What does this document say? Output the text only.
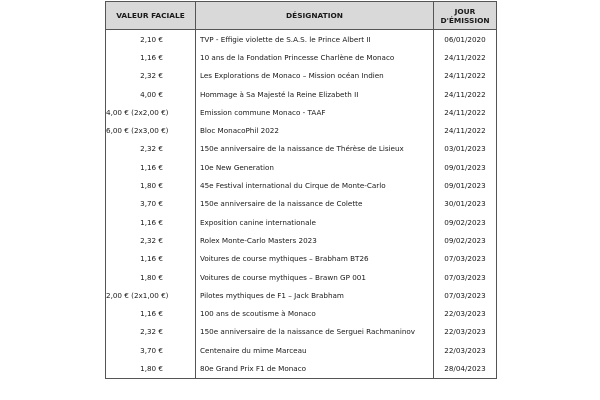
VALEUR FACIALE	DÉSIGNATION	JOUR
D'ÉMISSION
2,10 €	TVP - Effigie violette de S.A.S. le Prince Albert II	06/01/2020
1,16 €	10 ans de la Fondation Princesse Charlène de Monaco	24/11/2022
2,32 €	Les Explorations de Monaco – Mission océan Indien	24/11/2022
4,00 €	Hommage à Sa Majesté la Reine Elizabeth II	24/11/2022
4,00 € (2x2,00 €)	Emission commune Monaco - TAAF	24/11/2022
6,00 € (2x3,00 €)	Bloc MonacoPhil 2022	24/11/2022
2,32 €	150e anniversaire de la naissance de Thérèse de Lisieux	03/01/2023
1,16 €	10e New Generation	09/01/2023
1,80 €	45e Festival international du Cirque de Monte-Carlo	09/01/2023
3,70 €	150e anniversaire de la naissance de Colette	30/01/2023
1,16 €	Exposition canine internationale	09/02/2023
2,32 €	Rolex Monte-Carlo Masters 2023	09/02/2023
1,16 €	Voitures de course mythiques – Brabham BT26	07/03/2023
1,80 €	Voitures de course mythiques – Brawn GP 001	07/03/2023
2,00 € (2x1,00 €)	Pilotes mythiques de F1 – Jack Brabham	07/03/2023
1,16 €	100 ans de scoutisme à Monaco	22/03/2023
2,32 €	150e anniversaire de la naissance de Serguei Rachmaninov	22/03/2023
3,70 €	Centenaire du mime Marceau	22/03/2023
1,80 €	80e Grand Prix F1 de Monaco	28/04/2023
